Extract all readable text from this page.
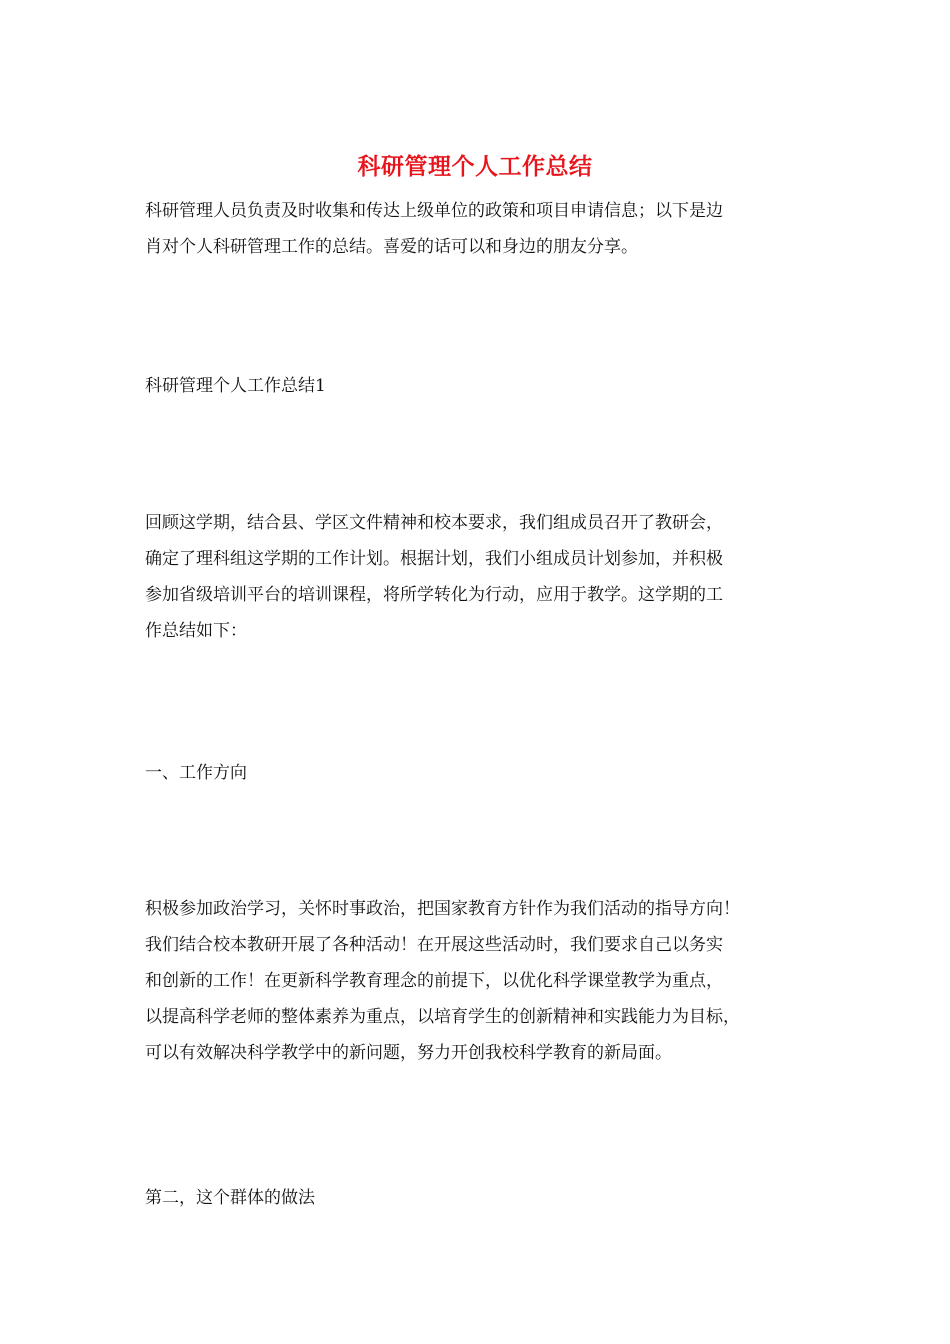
科研管理个人工作总结
科研管理人员负责及时收集和传达上级单位的政策和项目申请信息；以下是边
肖对个人科研管理工作的总结。喜爱的话可以和身边的朋友分享。
科研管理个人工作总结1
回顾这学期，结合县、学区文件精神和校本要求，我们组成员召开了教研会，
确定了理科组这学期的工作计划。根据计划，我们小组成员计划参加，并积极
参加省级培训平台的培训课程，将所学转化为行动，应用于教学。这学期的工
作总结如下：
一、工作方向
积极参加政治学习，关怀时事政治，把国家教育方针作为我们活动的指导方向！
我们结合校本教研开展了各种活动！在开展这些活动时，我们要求自己以务实
和创新的工作！在更新科学教育理念的前提下，以优化科学课堂教学为重点，
以提高科学老师的整体素养为重点，以培育学生的创新精神和实践能力为目标，
可以有效解决科学教学中的新问题，努力开创我校科学教育的新局面。
第二，这个群体的做法
